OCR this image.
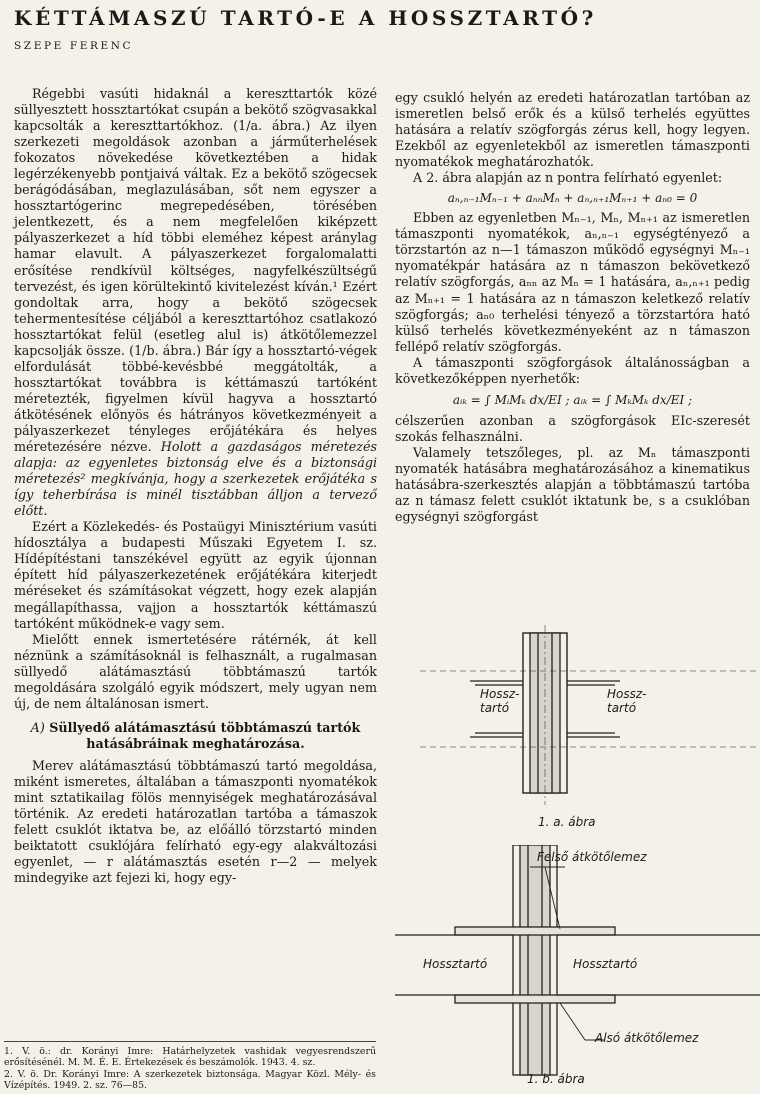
KÉTTÁMASZÚ TARTÓ-E A HOSSZTARTÓ?
SZEPE FERENC

Régebbi vasúti hidaknál a kereszttartók közé süllyesztett hossztartókat csupán a bekötő szögvasakkal kapcsolták a kereszttartókhoz. (1/a. ábra.) Az ilyen szerkezeti megoldások azonban a járműterhelések fokozatos növekedése következtében a hidak legérzékenyebb pontjaivá váltak. Ez a bekötő szögecsek berágódásában, meglazulásában, sőt nem egyszer a hossztartógerinc megrepedésében, törésében jelentkezett, és a nem megfelelően kiképzett pályaszerkezet a híd többi eleméhez képest aránylag hamar elavult. A pályaszerkezet forgalomalatti erősítése rendkívül költséges, nagyfelkészültségű tervezést, és igen körültekintő kivitelezést kíván.¹ Ezért gondoltak arra, hogy a bekötő szögecsek tehermentesítése céljából a kereszttartóhoz csatlakozó hossztartókat felül (esetleg alul is) átkötőlemezzel kapcsolják össze. (1/b. ábra.) Bár így a hossztartó-végek elfordulását többé-kevésbbé meggátolták, a hossztartókat továbbra is kéttámaszú tartóként méretezték, figyelmen kívül hagyva a hossztartó átkötésének előnyös és hátrányos következményeit a pályaszerkezet tényleges erőjátékára és helyes méretezésére nézve. Holott a gazdaságos méretezés alapja: az egyenletes biztonság elve és a biztonsági méretezés² megkívánja, hogy a szerkezetek erőjátéka s így teherbírása is minél tisztábban álljon a tervező előtt.

Ezért a Közlekedés- és Postaügyi Minisztérium vasúti hídosztálya a budapesti Műszaki Egyetem I. sz. Hídépítéstani tanszékével együtt az egyik újonnan épített híd pályaszerkezetének erőjátékára kiterjedt méréseket és számításokat végzett, hogy ezek alapján megállapíthassa, vajjon a hossztartók kéttámaszú tartóként működnek-e vagy sem.

Mielőtt ennek ismertetésére rátérnék, át kell néznünk a számításoknál is felhasznált, a rugalmasan süllyedő alátámasztású többtámaszú tartók megoldására szolgáló egyik módszert, mely ugyan nem új, de nem általánosan ismert.

A) Süllyedő alátámasztású többtámaszú tartók hatásábráinak meghatározása.

Merev alátámasztású többtámaszú tartó megoldása, miként ismeretes, általában a támaszponti nyomatékok mint sztatikailag fölös mennyiségek meghatározásával történik. Az eredeti határozatlan tartóba a támaszok felett csuklót iktatva be, az előálló törzstartó minden beiktatott csuklójára felírható egy-egy alakváltozási egyenlet, — r alátámasztás esetén r—2 — melyek mindegyike azt fejezi ki, hogy egy-

egy csukló helyén az eredeti határozatlan tartóban az ismeretlen belső erők és a külső terhelés együttes hatására a relatív szögforgás zérus kell, hogy legyen. Ezekből az egyenletekből az ismeretlen támaszponti nyomatékok meghatározhatók.

A 2. ábra alapján az n pontra felírható egyenlet:

aₙ,ₙ₋₁Mₙ₋₁ + aₙₙMₙ + aₙ,ₙ₊₁Mₙ₊₁ + aₙ₀ = 0

Ebben az egyenletben Mₙ₋₁, Mₙ, Mₙ₊₁ az ismeretlen támaszponti nyomatékok, aₙ,ₙ₋₁ egységtényező a törzstartón az n—1 támaszon működő egységnyi Mₙ₋₁ nyomatékpár hatására az n támaszon bekövetkező relatív szögforgás, aₙₙ az Mₙ = 1 hatására, aₙ,ₙ₊₁ pedig az Mₙ₊₁ = 1 hatására az n támaszon keletkező relatív szögforgás; aₙ₀ terhelési tényező a törzstartóra ható külső terhelés következményeként az n támaszon fellépő relatív szögforgás.

A támaszponti szögforgások általánosságban a következőképpen nyerhetők:

aᵢₖ = ∫ MᵢMₖ dx/EI ; aᵢₖ = ∫ MₖMₖ dx/EI ;

célszerűen azonban a szögforgások EIc-szeresét szokás felhasználni.

Valamely tetszőleges, pl. az Mₙ támaszponti nyomaték hatásábra meghatározásához a kinematikus hatásábra-szerkesztés alapján a többtámaszú tartóba az n támasz felett csuklót iktatunk be, s a csuklóban egységnyi szögforgást

Hossz-
tartó
Hossz-
tartó
1. a. ábra
Felső átkötőlemez
Hossztartó	Hossztartó
Alsó átkötőlemez
1. b. ábra

1. V. ö.: dr. Korányi Imre: Határhelyzetek vashidak vegyesrendszerű erősítésénél. M. M. É. E. Értekezések és beszámolók. 1943. 4. sz.

2. V. ö. Dr. Korányi Imre: A szerkezetek biztonsága. Magyar Közl. Mély- és Vízépítés. 1949. 2. sz. 76—85.
